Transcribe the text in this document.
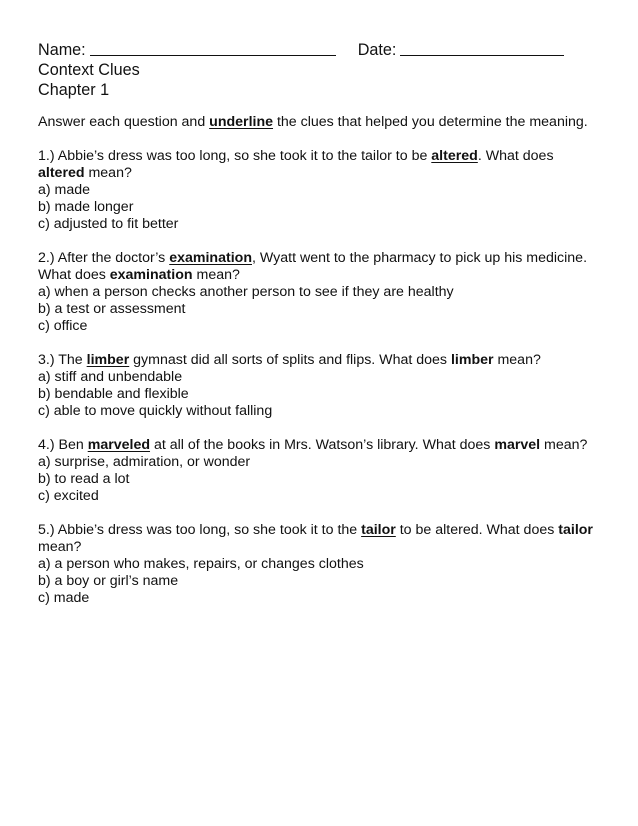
Name:	Date:
Context Clues
Chapter 1
Answer each question and underline the clues that helped you determine the meaning.
1.) Abbie’s dress was too long, so she took it to the tailor to be altered. What does altered mean?
a) made
b) made longer
c) adjusted to fit better
2.) After the doctor’s examination, Wyatt went to the pharmacy to pick up his medicine. What does examination mean?
a) when a person checks another person to see if they are healthy
b) a test or assessment
c) office
3.) The limber gymnast did all sorts of splits and flips. What does limber mean?
a) stiff and unbendable
b) bendable and flexible
c) able to move quickly without falling
4.) Ben marveled at all of the books in Mrs. Watson’s library. What does marvel mean?
a) surprise, admiration, or wonder
b) to read a lot
c) excited
5.) Abbie’s dress was too long, so she took it to the tailor to be altered. What does tailor mean?
a) a person who makes, repairs, or changes clothes
b) a boy or girl’s name
c) made
